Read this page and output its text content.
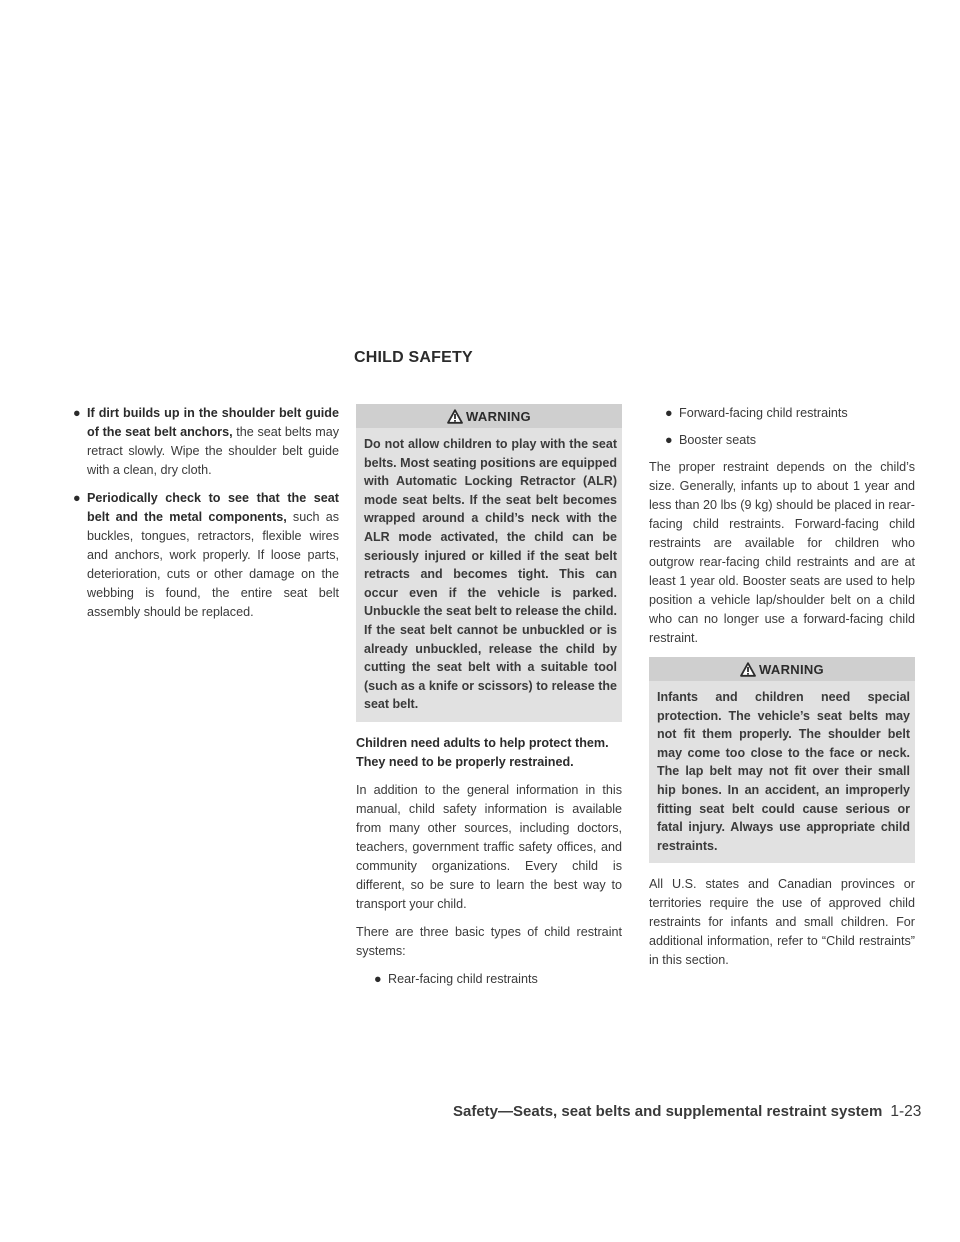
CHILD SAFETY
● If dirt builds up in the shoulder belt guide of the seat belt anchors, the seat belts may retract slowly. Wipe the shoulder belt guide with a clean, dry cloth.
● Periodically check to see that the seat belt and the metal components, such as buckles, tongues, retractors, flexible wires and anchors, work properly. If loose parts, deterioration, cuts or other damage on the webbing is found, the entire seat belt assembly should be replaced.
WARNING
Do not allow children to play with the seat belts. Most seating positions are equipped with Automatic Locking Retractor (ALR) mode seat belts. If the seat belt becomes wrapped around a child’s neck with the ALR mode activated, the child can be seriously injured or killed if the seat belt retracts and becomes tight. This can occur even if the vehicle is parked. Unbuckle the seat belt to release the child. If the seat belt cannot be unbuckled or is already unbuckled, release the child by cutting the seat belt with a suitable tool (such as a knife or scissors) to release the seat belt.

Children need adults to help protect them. They need to be properly restrained.

In addition to the general information in this manual, child safety information is available from many other sources, including doctors, teachers, government traffic safety offices, and community organizations. Every child is different, so be sure to learn the best way to transport your child.

There are three basic types of child restraint systems:

● Rear-facing child restraints
● Forward-facing child restraints
● Booster seats

The proper restraint depends on the child’s size. Generally, infants up to about 1 year and less than 20 lbs (9 kg) should be placed in rear-facing child restraints. Forward-facing child restraints are available for children who outgrow rear-facing child restraints and are at least 1 year old. Booster seats are used to help position a vehicle lap/shoulder belt on a child who can no longer use a forward-facing child restraint.

WARNING
Infants and children need special protection. The vehicle’s seat belts may not fit them properly. The shoulder belt may come too close to the face or neck. The lap belt may not fit over their small hip bones. In an accident, an improperly fitting seat belt could cause serious or fatal injury. Always use appropriate child restraints.

All U.S. states and Canadian provinces or territories require the use of approved child restraints for infants and small children. For additional information, refer to “Child restraints” in this section.

Safety—Seats, seat belts and supplemental restraint system 1-23
